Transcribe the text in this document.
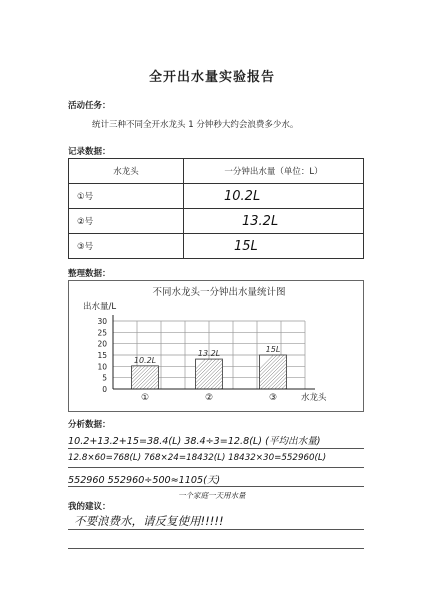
全开出水量实验报告
活动任务：
统计三种不同全开水龙头 1 分钟秒大约会浪费多少水。
记录数据：
水龙头	一分钟出水量（单位：L）
①号	10.2L
②号	13.2L
③号	15L
整理数据：
不同水龙头一分钟出水量统计图
出水量/L
水龙头
10.2L
13.2L	15L
0
5
10
15
20
25
30
①	②	③
分析数据：
10.2+13.2+15=38.4(L) 38.4÷3=12.8(L) (平均出水量)
12.8×60=768(L) 768×24=18432(L) 18432×30=552960(L)
552960 552960÷500≈1105(天)
一个家庭一天用水量
我的建议：
不要浪费水，请反复使用!!!!!
